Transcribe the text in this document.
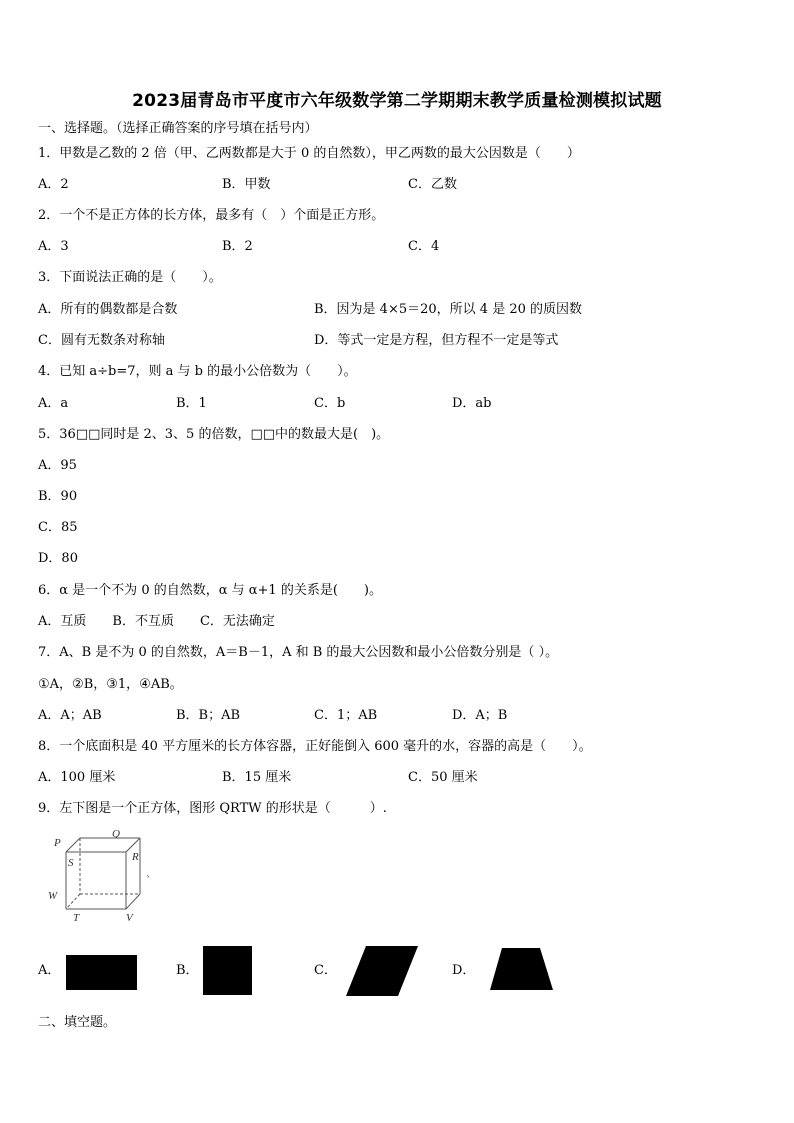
2023届青岛市平度市六年级数学第二学期期末教学质量检测模拟试题
一、选择题。（选择正确答案的序号填在括号内）
1．甲数是乙数的 2 倍（甲、乙两数都是大于 0 的自然数），甲乙两数的最大公因数是（　　）
A．2	B．甲数	C．乙数
2．一个不是正方体的长方体，最多有（　）个面是正方形。
A．3	B．2	C．4
3．下面说法正确的是（　　）。
A．所有的偶数都是合数	B．因为是 4×5＝20，所以 4 是 20 的质因数
C．圆有无数条对称轴	D．等式一定是方程，但方程不一定是等式
4．已知 a÷b=7，则 a 与 b 的最小公倍数为（　　）。
A．a	B．1	C．b	D．ab
5．36□□同时是 2、3、5 的倍数，□□中的数最大是(　)。
A．95
B．90
C．85
D．80
6．α 是一个不为 0 的自然数，α 与 α+1 的关系是(　　)。
A．互质　　B．不互质　　C．无法确定
7．A、B 是不为 0 的自然数，A＝B－1，A 和 B 的最大公因数和最小公倍数分别是（ ）。
①A，②B，③1，④AB。
A．A；AB	B．B；AB	C．1；AB	D．A；B
8．一个底面积是 40 平方厘米的长方体容器，正好能倒入 600 毫升的水，容器的高是（　　）。
A．100 厘米	B．15 厘米	C．50 厘米
9．左下图是一个正方体，图形 QRTW 的形状是（　　　）.
P
Q
R
S
W
T	V
、
A．	B．	C．	D．
二、填空题。
